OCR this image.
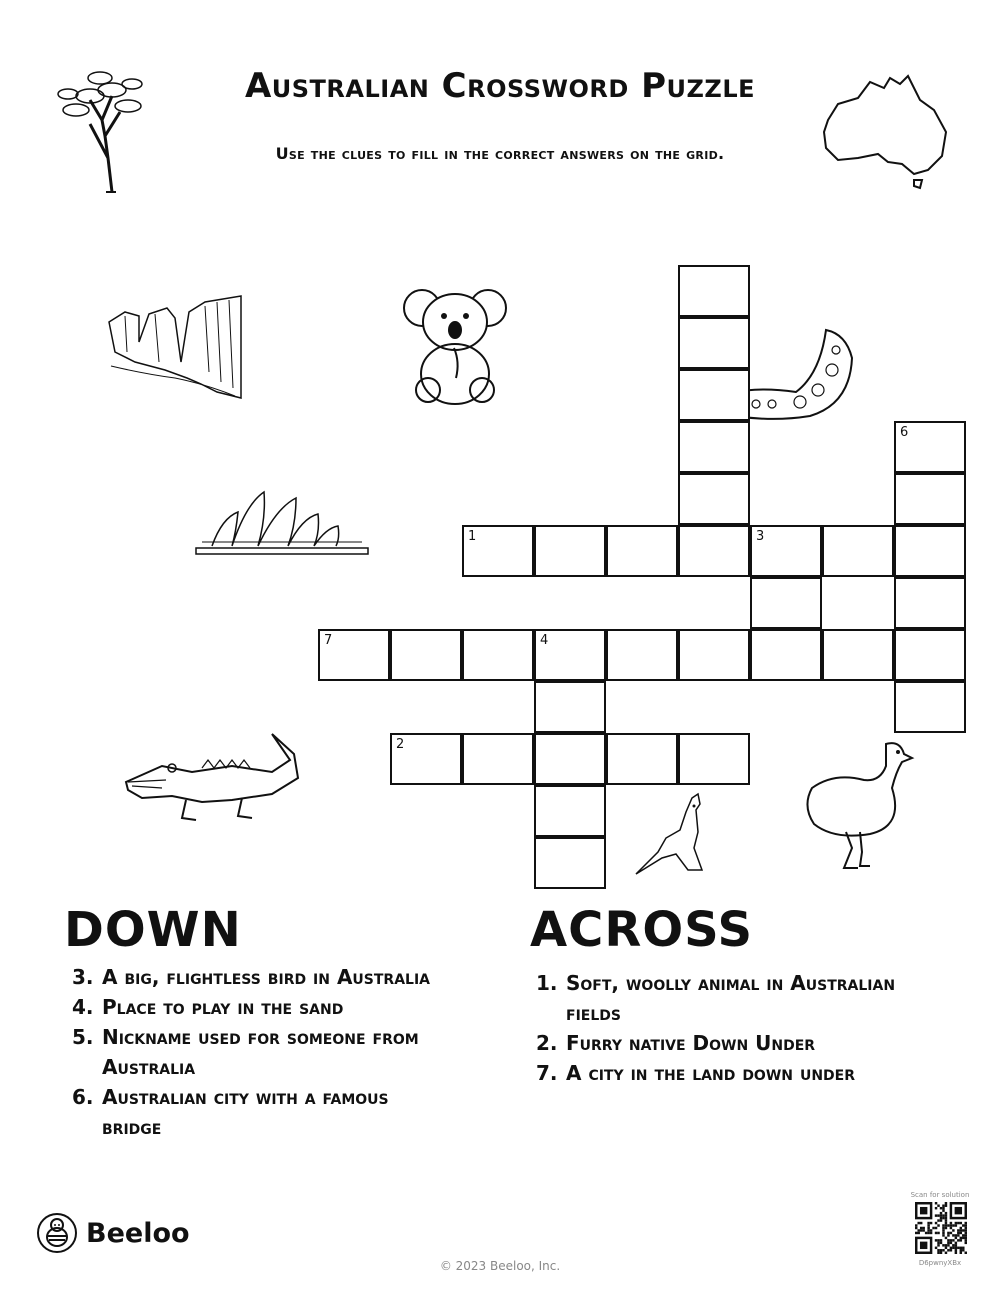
Australian Crossword Puzzle
Use the clues to fill in the correct answers on the grid.
1	3
7	4
2
6
DOWN
3. A big, flightless bird in Australia
4. Place to play in the sand
5. Nickname used for someone from Australia
6. Australian city with a famous bridge
ACROSS
1. Soft, woolly animal in Australian fields
2. Furry native Down Under
7. A city in the land down under
Beeloo
© 2023 Beeloo, Inc.
Scan for solution
D6pwnyXBx
